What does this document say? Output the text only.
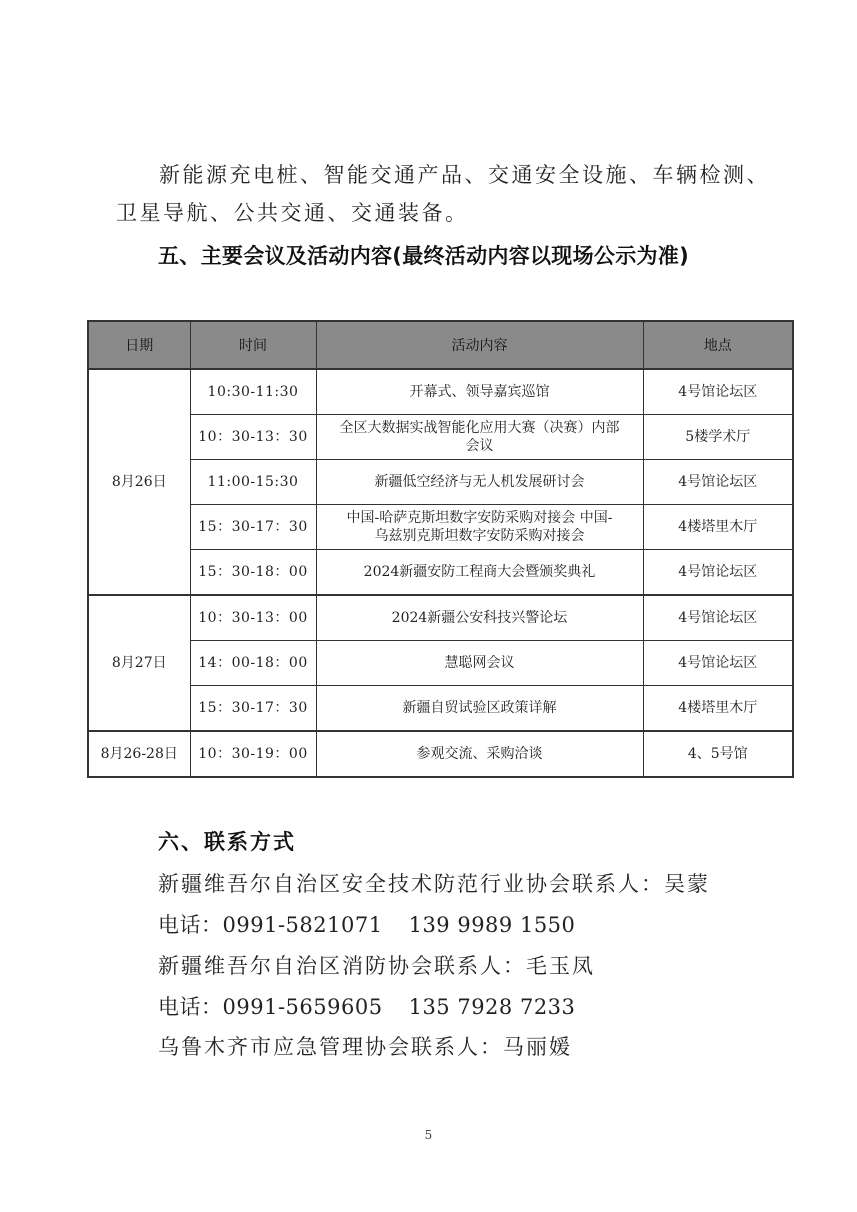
新能源充电桩、智能交通产品、交通安全设施、车辆检测、
卫星导航、公共交通、交通装备。
五、主要会议及活动内容(最终活动内容以现场公示为准)
日期	时间	活动内容	地点
8月26日	10:30-11:30	开幕式、领导嘉宾巡馆	4号馆论坛区
	10：30-13：30	全区大数据实战智能化应用大赛（决赛）内部会议	5楼学术厅
	11:00-15:30	新疆低空经济与无人机发展研讨会	4号馆论坛区
	15：30-17：30	中国-哈萨克斯坦数字安防采购对接会 中国-乌兹别克斯坦数字安防采购对接会	4楼塔里木厅
	15：30-18：00	2024新疆安防工程商大会暨颁奖典礼	4号馆论坛区
8月27日	10：30-13：00	2024新疆公安科技兴警论坛	4号馆论坛区
	14：00-18：00	慧聪网会议	4号馆论坛区
	15：30-17：30	新疆自贸试验区政策详解	4楼塔里木厅
8月26-28日	10：30-19：00	参观交流、采购洽谈	4、5号馆
六、联系方式
新疆维吾尔自治区安全技术防范行业协会联系人：吴蒙
电话：0991-5821071 139 9989 1550
新疆维吾尔自治区消防协会联系人：毛玉凤
电话：0991-5659605 135 7928 7233
乌鲁木齐市应急管理协会联系人：马丽媛
5
